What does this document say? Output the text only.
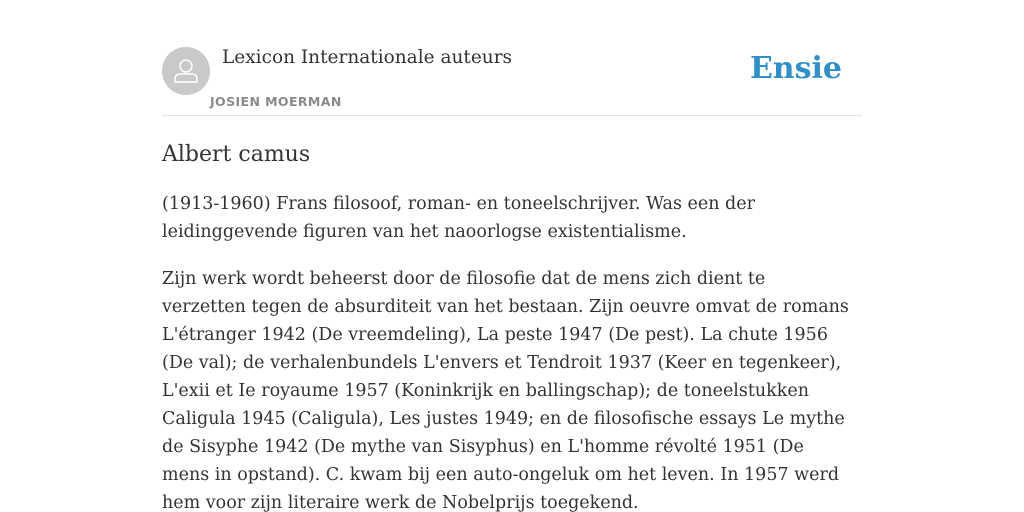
Lexicon Internationale auteurs
JOSIEN MOERMAN
Ensie
Albert camus

(1913-1960) Frans filosoof, roman- en toneelschrijver. Was een der leidinggevende figuren van het naoorlogse existentialisme.

Zijn werk wordt beheerst door de filosofie dat de mens zich dient te verzetten tegen de absurditeit van het bestaan. Zijn oeuvre omvat de romans L'étranger 1942 (De vreemdeling), La peste 1947 (De pest). La chute 1956 (De val); de verhalenbundels L'envers et Tendroit 1937 (Keer en tegenkeer), L'exii et Ie royaume 1957 (Koninkrijk en ballingschap); de toneelstukken Caligula 1945 (Caligula), Les justes 1949; en de filosofische essays Le mythe de Sisyphe 1942 (De mythe van Sisyphus) en L'homme révolté 1951 (De mens in opstand). C. kwam bij een auto-ongeluk om het leven. In 1957 werd hem voor zijn literaire werk de Nobelprijs toegekend.
